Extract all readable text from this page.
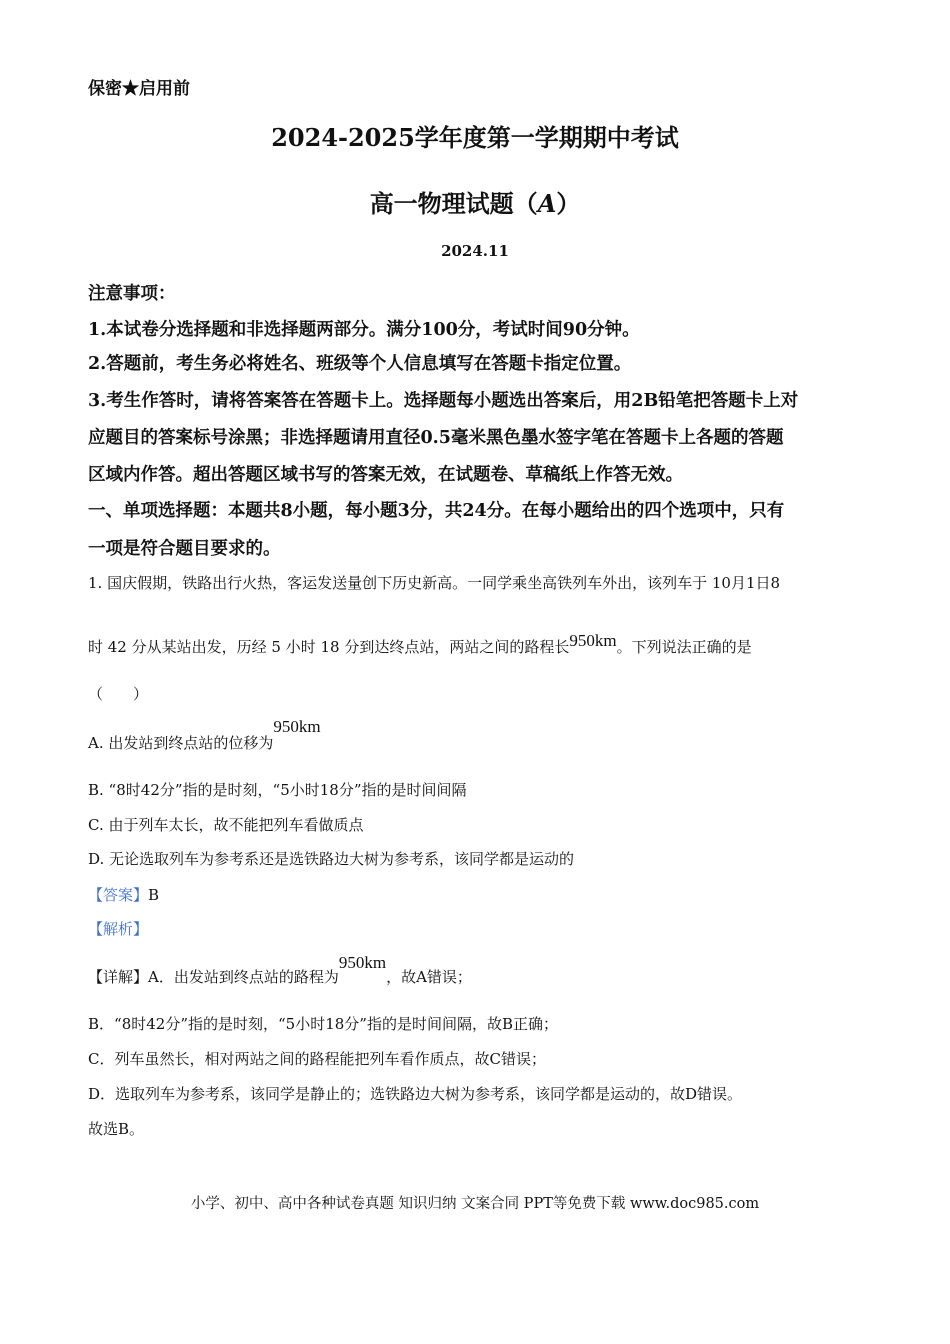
保密★启用前
2024-2025学年度第一学期期中考试
高一物理试题（A）
2024.11
注意事项：
1.本试卷分选择题和非选择题两部分。满分100分，考试时间90分钟。
2.答题前，考生务必将姓名、班级等个人信息填写在答题卡指定位置。
3.考生作答时，请将答案答在答题卡上。选择题每小题选出答案后，用2B铅笔把答题卡上对
应题目的答案标号涂黑；非选择题请用直径0.5毫米黑色墨水签字笔在答题卡上各题的答题
区域内作答。超出答题区域书写的答案无效，在试题卷、草稿纸上作答无效。
一、单项选择题：本题共8小题，每小题3分，共24分。在每小题给出的四个选项中，只有
一项是符合题目要求的。
1. 国庆假期，铁路出行火热，客运发送量创下历史新高。一同学乘坐高铁列车外出，该列车于 10月1日8
时 42 分从某站出发，历经 5 小时 18 分到达终点站，两站之间的路程长950km。下列说法正确的是
（　　）
A. 出发站到终点站的位移为950km
B. “8时42分”指的是时刻，“5小时18分”指的是时间间隔
C. 由于列车太长，故不能把列车看做质点
D. 无论选取列车为参考系还是选铁路边大树为参考系，该同学都是运动的
【答案】B
【解析】
【详解】A．出发站到终点站的路程为950km，故A错误；
B．“8时42分”指的是时刻，“5小时18分”指的是时间间隔，故B正确；
C．列车虽然长，相对两站之间的路程能把列车看作质点，故C错误；
D．选取列车为参考系，该同学是静止的；选铁路边大树为参考系，该同学都是运动的，故D错误。
故选B。
小学、初中、高中各种试卷真题 知识归纳 文案合同 PPT等免费下载 www.doc985.com
